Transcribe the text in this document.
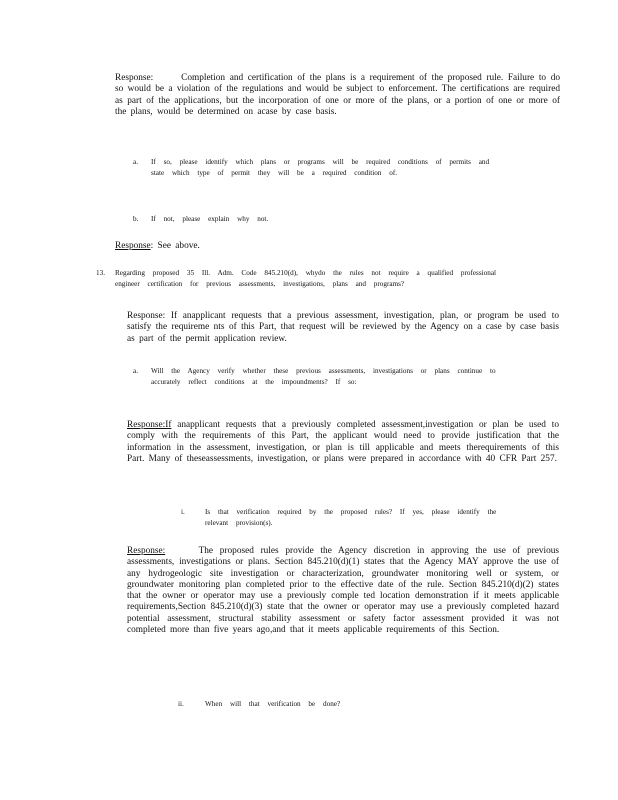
Response:	Completion and certification of the plans is a requirement of the proposed rule. Failure to do so would be a violation of the regulations and would be subject to enforcement. The certifications are required as part of the applications, but the incorporation of one or more of the plans, or a portion of one or more of the plans, would be determined on acase by case basis.

a. If so, please identify which plans or programs will be required conditions of permits and state which type of permit they will be a required condition of.

b. If not, please explain why not.

Response: See above.

13. Regarding proposed 35 Ill. Adm. Code 845.210(d), whydo the rules not require a qualified professional engineer certification for previous assessments, investigations, plans and programs?

Response: If anapplicant requests that a previous assessment, investigation, plan, or program be used to satisfy the requireme nts of this Part, that request will be reviewed by the Agency on a case by case basis as part of the permit application review.

a. Will the Agency verify whether these previous assessments, investigations or plans continue to accurately reflect conditions at the impoundments? If so:

Response:If anapplicant requests that a previously completed assessment,investigation or plan be used to comply with the requirements of this Part, the applicant would need to provide justification that the information in the assessment, investigation, or plan is till applicable and meets therequirements of this Part. Many of theseassessments, investigation, or plans were prepared in accordance with 40 CFR Part 257.

i.	Is that verification required by the proposed rules? If yes, please identify the relevant provision(s).

Response:	The proposed rules provide the Agency discretion in approving the use of previous assessments, investigations or plans. Section 845.210(d)(1) states that the Agency MAY approve the use of any hydrogeologic site investigation or characterization, groundwater monitoring well or system, or groundwater monitoring plan completed prior to the effective date of the rule. Section 845.210(d)(2) states that the owner or operator may use a previously comple ted location demonstration if it meets applicable requirements,Section 845.210(d)(3) state that the owner or operator may use a previously completed hazard potential assessment, structural stability assessment or safety factor assessment provided it was not completed more than five years ago,and that it meets applicable requirements of this Section.

ii.	When will that verification be done?
